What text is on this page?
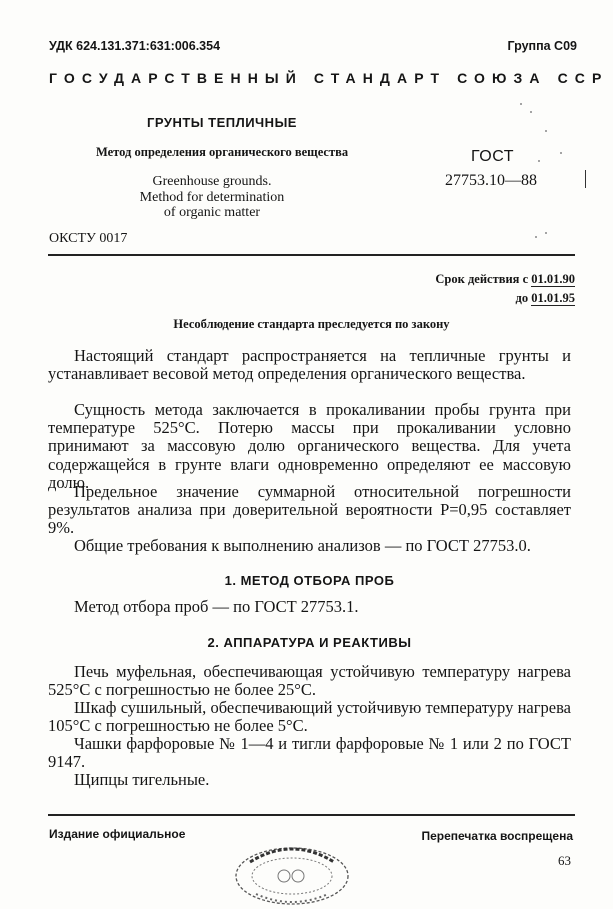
УДК 624.131.371:631:006.354	Группа С09
ГОСУДАРСТВЕННЫЙ СТАНДАРТ СОЮЗА ССР
ГРУНТЫ ТЕПЛИЧНЫЕ
Метод определения органического вещества
Greenhouse grounds.
Method for determination
of organic matter
ГОСТ
27753.10—88
ОКСТУ 0017
Срок действия с 01.01.90
до 01.01.95
Несоблюдение стандарта преследуется по закону

Настоящий стандарт распространяется на тепличные грунты и устанавливает весовой метод определения органического вещества.

Сущность метода заключается в прокаливании пробы грунта при температуре 525°С. Потерю массы при прокаливании условно принимают за массовую долю органического вещества. Для учета содержащейся в грунте влаги одновременно определяют ее массовую долю.

Предельное значение суммарной относительной погрешности результатов анализа при доверительной вероятности Р=0,95 составляет 9%.

Общие требования к выполнению анализов — по ГОСТ 27753.0.

1. МЕТОД ОТБОРА ПРОБ

Метод отбора проб — по ГОСТ 27753.1.

2. АППАРАТУРА И РЕАКТИВЫ

Печь муфельная, обеспечивающая устойчивую температуру нагрева 525°С с погрешностью не более 25°С.

Шкаф сушильный, обеспечивающий устойчивую температуру нагрева 105°С с погрешностью не более 5°С.

Чашки фарфоровые № 1—4 и тигли фарфоровые № 1 или 2 по ГОСТ 9147.

Щипцы тигельные.

Издание официальное	Перепечатка воспрещена
63
